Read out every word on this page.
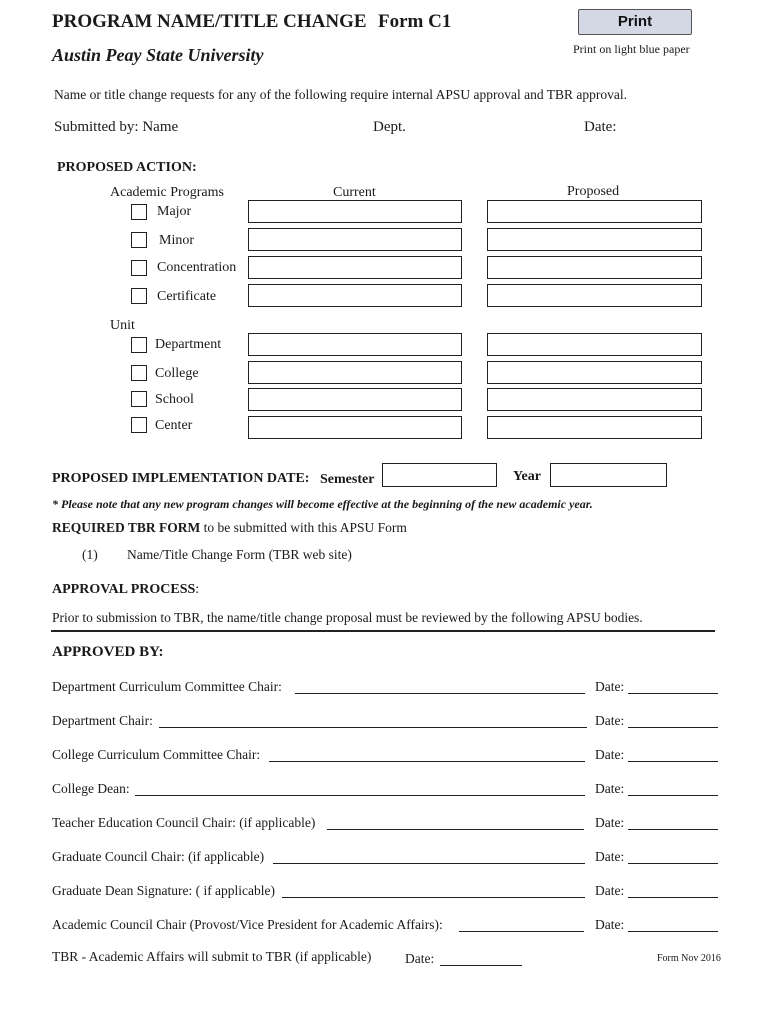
PROGRAM NAME/TITLE CHANGE Form C1
Austin Peay State University
Print
Print on light blue paper
Name or title change requests for any of the following require internal APSU approval and TBR approval.
Submitted by: Name	Dept.	Date:
PROPOSED ACTION:
Academic Programs	Current	Proposed
Major
Minor
Concentration
Certificate
Unit
Department
College
School
Center
PROPOSED IMPLEMENTATION DATE: Semester	Year
* Please note that any new program changes will become effective at the beginning of the new academic year.
REQUIRED TBR FORM to be submitted with this APSU Form
(1) Name/Title Change Form (TBR web site)
APPROVAL PROCESS:
Prior to submission to TBR, the name/title change proposal must be reviewed by the following APSU bodies.
APPROVED BY:
Department Curriculum Committee Chair:	Date:
Department Chair:	Date:
College Curriculum Committee Chair:	Date:
College Dean:	Date:
Teacher Education Council Chair: (if applicable)	Date:
Graduate Council Chair: (if applicable)	Date:
Graduate Dean Signature: ( if applicable)	Date:
Academic Council Chair (Provost/Vice President for Academic Affairs):	Date:
TBR - Academic Affairs will submit to TBR (if applicable) Date:	Form Nov 2016
